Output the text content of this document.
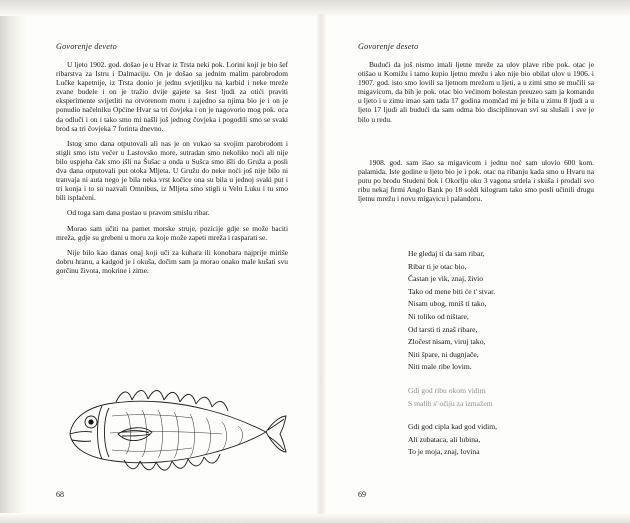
Govorenje deveto

U ljeto 1902. god. došao je u Hvar iz Trsta neki pok. Lorini koji je bio šef ribarstva za Istru i Dalmaciju. On je došao sa jednim malim parobrodom Lučke kapetnije, iz Trsta donio je jednu svjetiljku na karbid i neke mreže zvane budele i on je tražio dvije gajete sa šest ljudi za otići praviti eksperimente svijetliti na otvorenom moru i zajedno sa njima bio je i on je ponudio načelniku Općine Hvar sa tri čovjeka i on je nagovorio mog pok. oca da odluči i on i tako smo mi našli još jednog čovjeka i pogodili smo se svaki brod sa tri čovjeka 7 forinta dnevno.

Istog smo dana otputovali ali nas je on vukao sa svojim parobrodom i stigli smo istu večer u Lastovsko more, sutradan smo nekoliko noći ali nije bilo uspjeha čak smo išli na Šušac a onda u Sušca smo išli do Gruža a posli dva dana otputovali put otoka Mljeta. U Gružu do neke noći još nije bilo ni tranvaja ni auta nego je bila neka vrst kočice ona su bila u jednoj svaki put i tri konja i to su nazvali Omnibus, iz Mljeta smo stigli u Velu Luku i tu smo bili isplaćeni.

Od toga sam dana postao u pravom smislu ribar.

Morao sam učiti na pamet morske struje, pozicije gdje se može baciti mreža, gdje su grebeni u moru za koje može zapeti mreža i rasparati se.

Nije bilo kao danas onaj koji uči za kuhara ili konobara najprije miriše dobru hranu, a kadgod je i okuša, dočim sam ja morao onako male kušati svu gorčinu života, mokrine i zime.

68
Govorenje deseto

Budući da još nismo imali ljetne mreže za ulov plave ribe pok. otac je otišao u Komižu i tamo kupio ljetnu mrežu i ako nije bio obilat ulov u 1906. i 1907. god. isto smo lovili sa ljetnom mrežom u ljeti, a u zimi smo se mučili sa migavicom, da bih je pok. otac bio većinom bolestan preuzeo sam ja komandu u ljeto i u zimu imao sam tada 17 godina momčad mi je bila u zimu 8 ljudi a u ljeto 17 ljudi ali budući da sam odma bio disciplinovan svi su slušali i sve je bilo u redu.

1908. god. sam išao sa migavicom i jednu noć sam ulovio 600 kom. palamida. Iste godine u ljeto bio je i pok. otac na ribanju kada smo u Hvaru na putu po brodu Studeni bok i Okorlju oko 3 vagona srdela i skuša i prodali svo ribu nekaj firmi Anglo Bank po 18 soldi kilogram tako smo posli učinili drugu ljetnu mrežu i novu migavicu i palandoru.

He gledaj ti da sam ribar,
Ribar ti je otac bio,
Častan je vik, znaj, živio
Tako od mene biti će t' stvar.
Nisam ubog, mniš ti tako,
Ni toliko od ništare,
Od tarsti ti znaš ribare,
Zločest nisam, viruj tako,
Niti špare, ni dugnjače,
Niti male ribe lovim.
Gdi god ribu okom vidim
S malih s' očiju za izmažem
Gdi god cipla kad god vidim,
Ali zubataca, ali lubina,
To je moja, znaj, lovina
69
